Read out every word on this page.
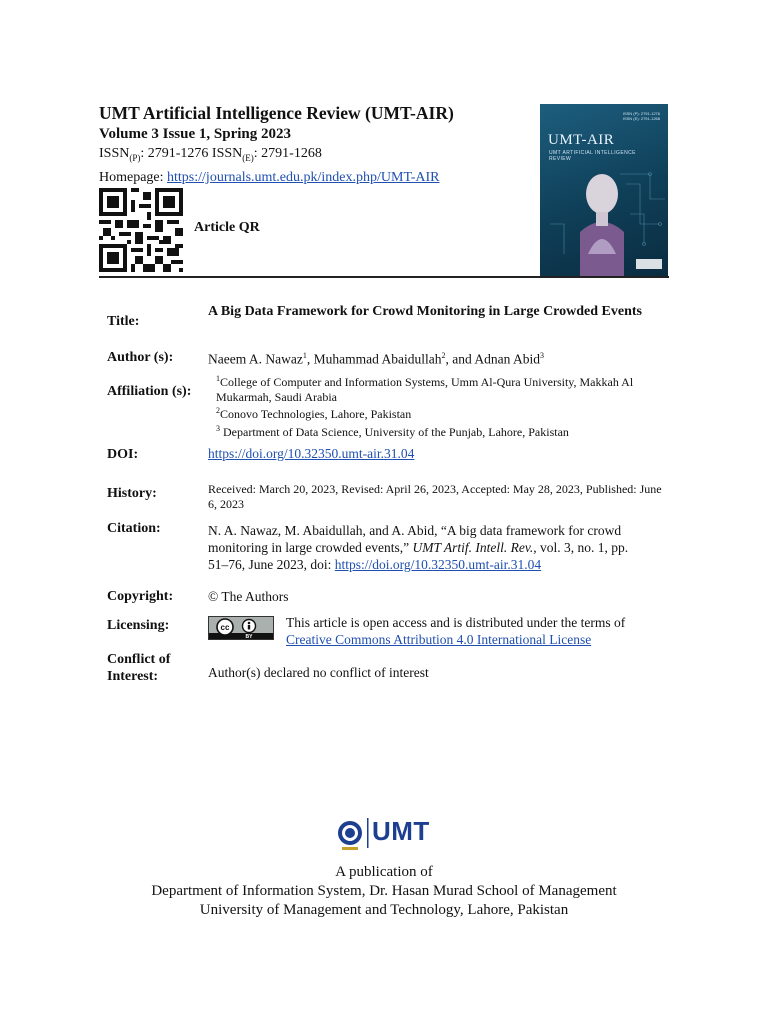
UMT Artificial Intelligence Review (UMT-AIR)
Volume 3 Issue 1, Spring 2023
$ISSN_{(P)}$: 2791-1276 $ISSN_{(E)}$: 2791-1268
Homepage: https://journals.umt.edu.pk/index.php/UMT-AIR
Article QR
ISSN (P): 2791-1276
ISSN (E): 2791-1268
UMT-AIR
UMT ARTIFICIAL INTELLIGENCE REVIEW
Title:
A Big Data Framework for Crowd Monitoring in Large Crowded Events
Author (s):	Naeem A. Nawaz$^1$, Muhammad Abaidullah$^2$, and Adnan Abid$^3$
Affiliation (s):
$^1$College of Computer and Information Systems, Umm Al-Qura University, Makkah Al Mukarmah, Saudi Arabia
$^2$Conovo Technologies, Lahore, Pakistan
$^3$ Department of Data Science, University of the Punjab, Lahore, Pakistan
DOI:	https://doi.org/10.32350.umt-air.31.04
History:	Received: March 20, 2023, Revised: April 26, 2023, Accepted: May 28, 2023, Published: June 6, 2023
Citation:	N. A. Nawaz, M. Abaidullah, and A. Abid, “A big data framework for crowd monitoring in large crowded events,” UMT Artif. Intell. Rev., vol. 3, no. 1, pp. 51–76, June 2023, doi: https://doi.org/10.32350.umt-air.31.04
Copyright:	© The Authors
Licensing:	cc
BY
This article is open access and is distributed under the terms of Creative Commons Attribution 4.0 International License
Conflict of
Interest:	Author(s) declared no conflict of interest
UMT
A publication of
Department of Information System, Dr. Hasan Murad School of Management
University of Management and Technology, Lahore, Pakistan
